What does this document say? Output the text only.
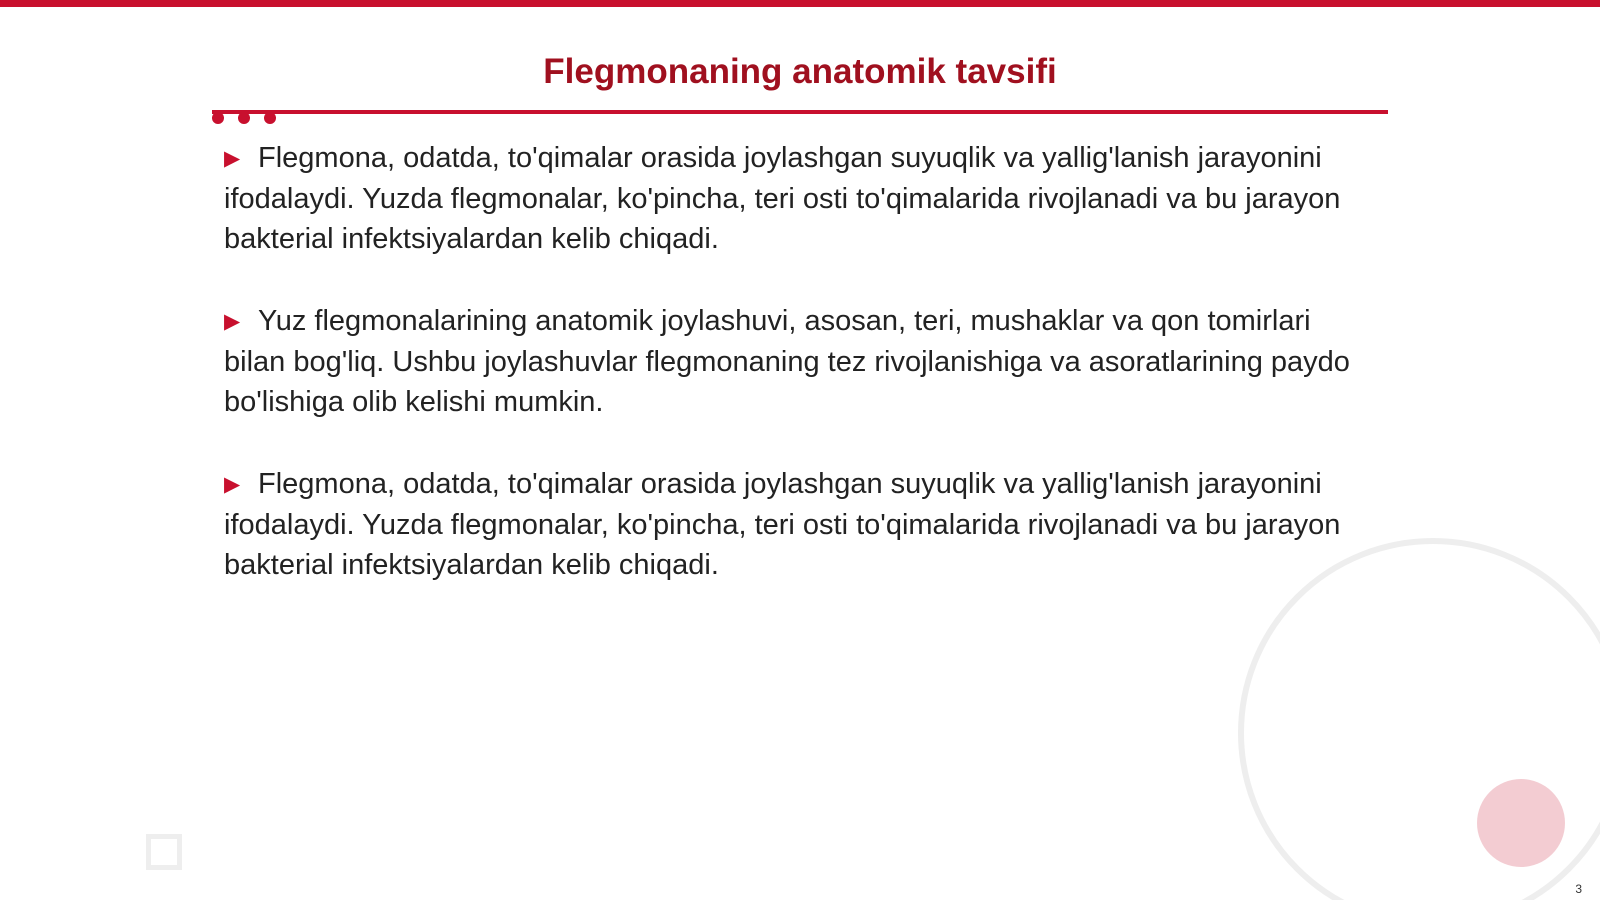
Flegmonaning anatomik tavsifi

▶ Flegmona, odatda, to'qimalar orasida joylashgan suyuqlik va yallig'lanish jarayonini ifodalaydi. Yuzda flegmonalar, ko'pincha, teri osti to'qimalarida rivojlanadi va bu jarayon bakterial infektsiyalardan kelib chiqadi.

▶ Yuz flegmonalarining anatomik joylashuvi, asosan, teri, mushaklar va qon tomirlari bilan bog'liq. Ushbu joylashuvlar flegmonaning tez rivojlanishiga va asoratlarining paydo bo'lishiga olib kelishi mumkin.

▶ Flegmona, odatda, to'qimalar orasida joylashgan suyuqlik va yallig'lanish jarayonini ifodalaydi. Yuzda flegmonalar, ko'pincha, teri osti to'qimalarida rivojlanadi va bu jarayon bakterial infektsiyalardan kelib chiqadi.

3
